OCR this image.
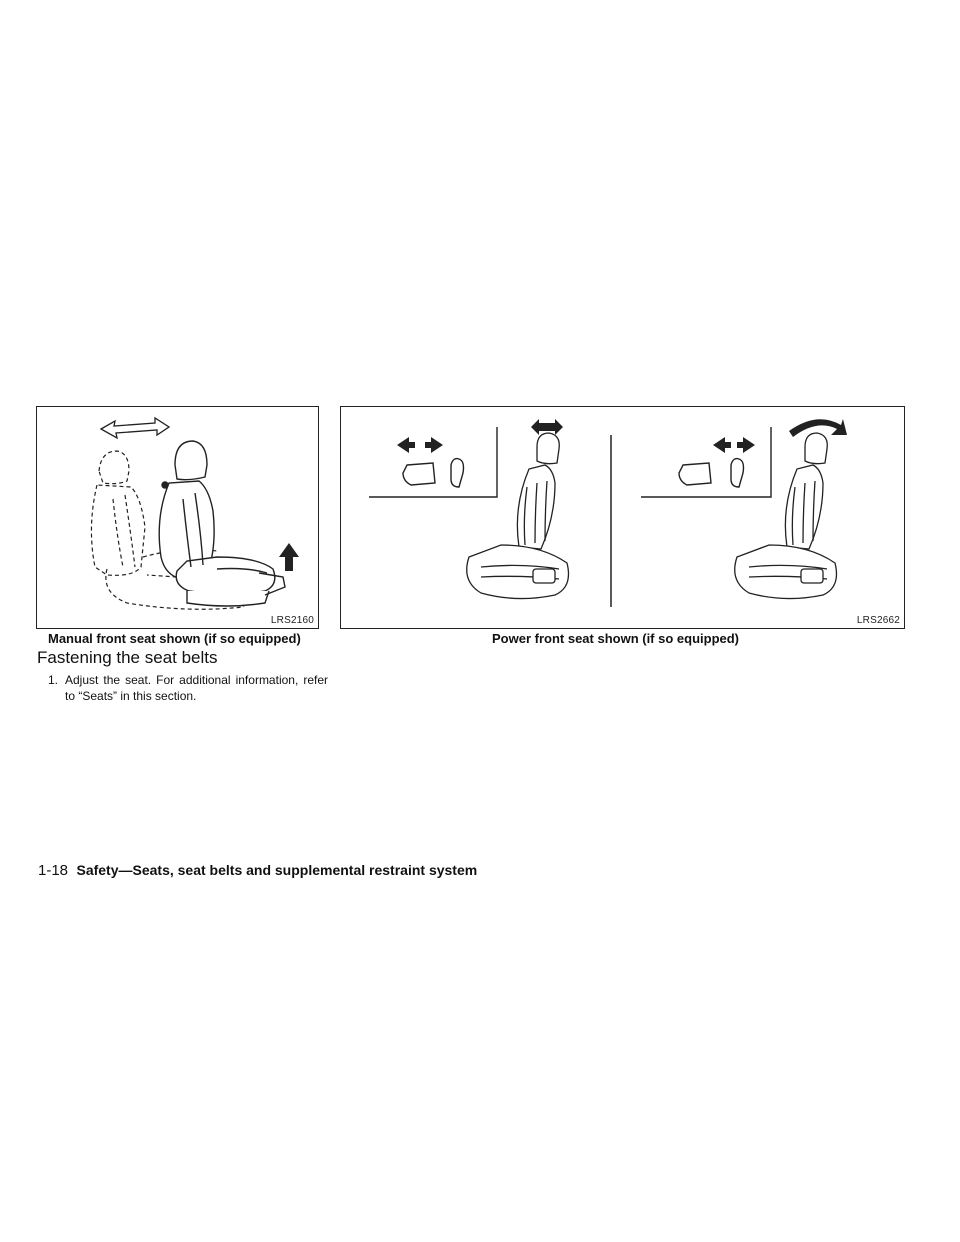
LRS2160	LRS2662
Manual front seat shown (if so equipped)	Power front seat shown (if so equipped)
Fastening the seat belts
1. Adjust the seat. For additional information, refer to “Seats” in this section.
1-18 Safety—Seats, seat belts and supplemental restraint system
